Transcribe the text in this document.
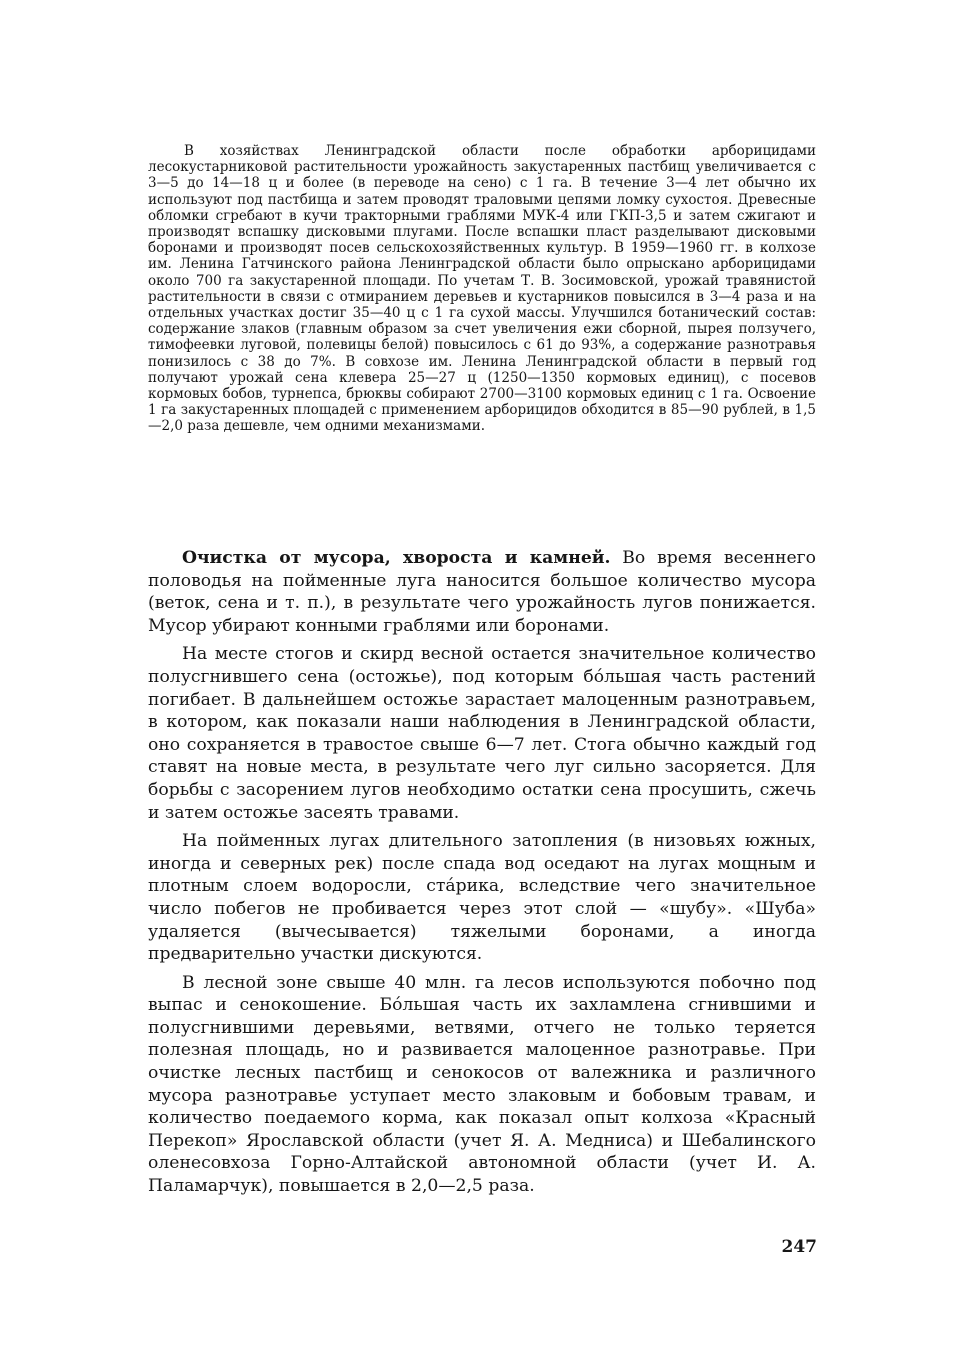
В хозяйствах Ленинградской области после обработки арборицидами лесокустарниковой растительности урожайность закустаренных пастбищ увеличивается с 3—5 до 14—18 ц и более (в переводе на сено) с 1 га. В течение 3—4 лет обычно их используют под пастбища и затем проводят траловыми цепями ломку сухостоя. Древесные обломки сгребают в кучи тракторными граблями МУК-4 или ГКП-3,5 и затем сжигают и производят вспашку дисковыми плугами. После вспашки пласт разделывают дисковыми боронами и производят посев сельскохозяйственных культур. В 1959—1960 гг. в колхозе им. Ленина Гатчинского района Ленинградской области было опрыскано арборицидами около 700 га закустаренной площади. По учетам Т. В. Зосимовской, урожай травянистой растительности в связи с отмиранием деревьев и кустарников повысился в 3—4 раза и на отдельных участках достиг 35—40 ц с 1 га сухой массы. Улучшился ботанический состав: содержание злаков (главным образом за счет увеличения ежи сборной, пырея ползучего, тимофеевки луговой, полевицы белой) повысилось с 61 до 93%, а содержание разнотравья понизилось с 38 до 7%. В совхозе им. Ленина Ленинградской области в первый год получают урожай сена клевера 25—27 ц (1250—1350 кормовых единиц), с посевов кормовых бобов, турнепса, брюквы собирают 2700—3100 кормовых единиц с 1 га. Освоение 1 га закустаренных площадей с применением арборицидов обходится в 85—90 рублей, в 1,5—2,0 раза дешевле, чем одними механизмами.

Очистка от мусора, хвороста и камней. Во время весеннего половодья на пойменные луга наносится большое количество мусора (веток, сена и т. п.), в результате чего урожайность лугов понижается. Мусор убирают конными граблями или боронами.

На месте стогов и скирд весной остается значительное количество полусгнившего сена (остожье), под которым бóльшая часть растений погибает. В дальнейшем остожье зарастает малоценным разнотравьем, в котором, как показали наши наблюдения в Ленинградской области, оно сохраняется в травостое свыше 6—7 лет. Стога обычно каждый год ставят на новые места, в результате чего луг сильно засоряется. Для борьбы с засорением лугов необходимо остатки сена просушить, сжечь и затем остожье засеять травами.

На пойменных лугах длительного затопления (в низовьях южных, иногда и северных рек) после спада вод оседают на лугах мощным и плотным слоем водоросли, стáрика, вследствие чего значительное число побегов не пробивается через этот слой — «шубу». «Шуба» удаляется (вычесывается) тяжелыми боронами, а иногда предварительно участки дискуются.

В лесной зоне свыше 40 млн. га лесов используются побочно под выпас и сенокошение. Бóльшая часть их захламлена сгнившими и полусгнившими деревьями, ветвями, отчего не только теряется полезная площадь, но и развивается малоценное разнотравье. При очистке лесных пастбищ и сенокосов от валежника и различного мусора разнотравье уступает место злаковым и бобовым травам, и количество поедаемого корма, как показал опыт колхоза «Красный Перекоп» Ярославской области (учет Я. А. Медниса) и Шебалинского оленесовхоза Горно-Алтайской автономной области (учет И. А. Паламарчук), повышается в 2,0—2,5 раза.

247
